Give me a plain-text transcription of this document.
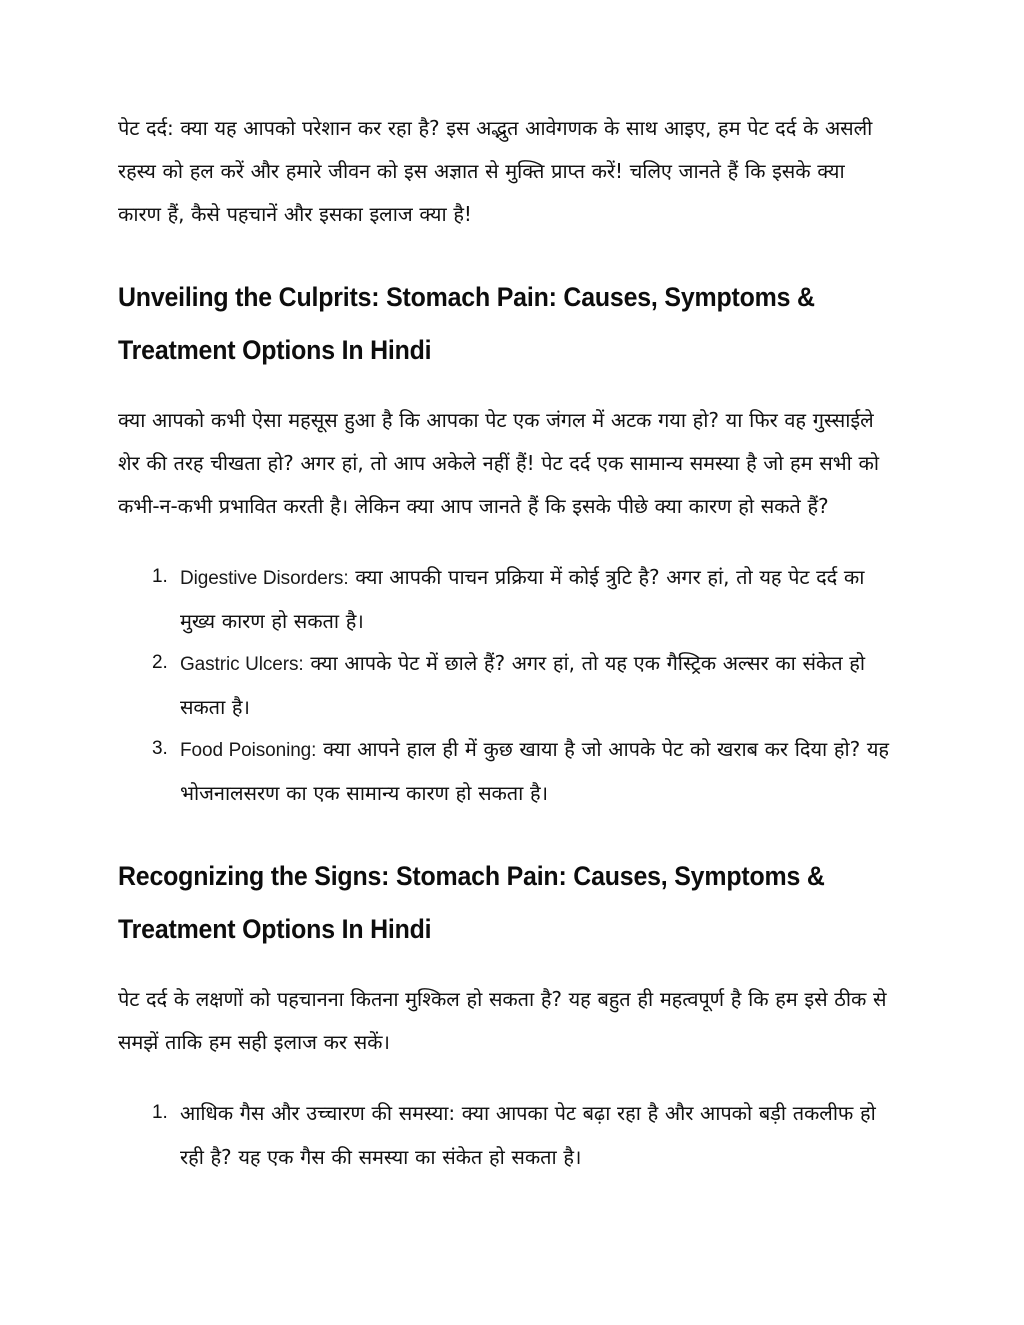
पेट दर्द: क्या यह आपको परेशान कर रहा है? इस अद्भुत आवेगणक के साथ आइए, हम पेट दर्द के असली रहस्य को हल करें और हमारे जीवन को इस अज्ञात से मुक्ति प्राप्त करें! चलिए जानते हैं कि इसके क्या कारण हैं, कैसे पहचानें और इसका इलाज क्या है!

Unveiling the Culprits: Stomach Pain: Causes, Symptoms & Treatment Options In Hindi

क्या आपको कभी ऐसा महसूस हुआ है कि आपका पेट एक जंगल में अटक गया हो? या फिर वह गुस्साईले शेर की तरह चीखता हो? अगर हां, तो आप अकेले नहीं हैं! पेट दर्द एक सामान्य समस्या है जो हम सभी को कभी-न-कभी प्रभावित करती है। लेकिन क्या आप जानते हैं कि इसके पीछे क्या कारण हो सकते हैं?

Digestive Disorders: क्या आपकी पाचन प्रक्रिया में कोई त्रुटि है? अगर हां, तो यह पेट दर्द का मुख्य कारण हो सकता है।
Gastric Ulcers: क्या आपके पेट में छाले हैं? अगर हां, तो यह एक गैस्ट्रिक अल्सर का संकेत हो सकता है।
Food Poisoning: क्या आपने हाल ही में कुछ खाया है जो आपके पेट को खराब कर दिया हो? यह भोजनालसरण का एक सामान्य कारण हो सकता है।
Recognizing the Signs: Stomach Pain: Causes, Symptoms & Treatment Options In Hindi

पेट दर्द के लक्षणों को पहचानना कितना मुश्किल हो सकता है? यह बहुत ही महत्वपूर्ण है कि हम इसे ठीक से समझें ताकि हम सही इलाज कर सकें।

आधिक गैस और उच्चारण की समस्या: क्या आपका पेट बढ़ा रहा है और आपको बड़ी तकलीफ हो रही है? यह एक गैस की समस्या का संकेत हो सकता है।
